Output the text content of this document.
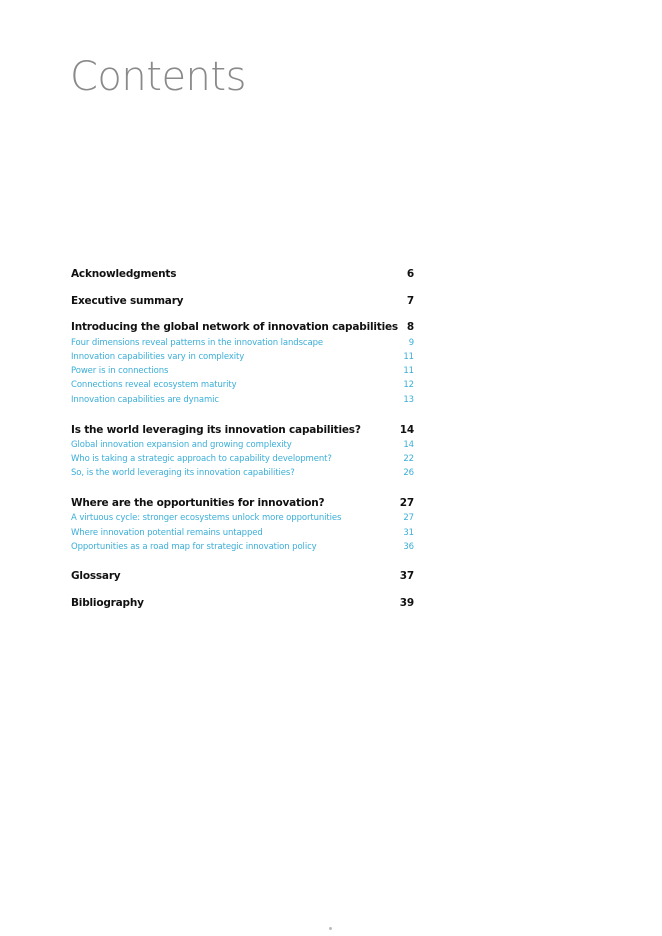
Contents
Acknowledgments	6
Executive summary	7
Introducing the global network of innovation capabilities 8
Four dimensions reveal patterns in the innovation landscape	9
Innovation capabilities vary in complexity	11
Power is in connections	11
Connections reveal ecosystem maturity	12
Innovation capabilities are dynamic	13
Is the world leveraging its innovation capabilities?	14
Global innovation expansion and growing complexity	14
Who is taking a strategic approach to capability development?	22
So, is the world leveraging its innovation capabilities?	26
Where are the opportunities for innovation?	27
A virtuous cycle: stronger ecosystems unlock more opportunities	27
Where innovation potential remains untapped	31
Opportunities as a road map for strategic innovation policy	36
Glossary	37
Bibliography	39
